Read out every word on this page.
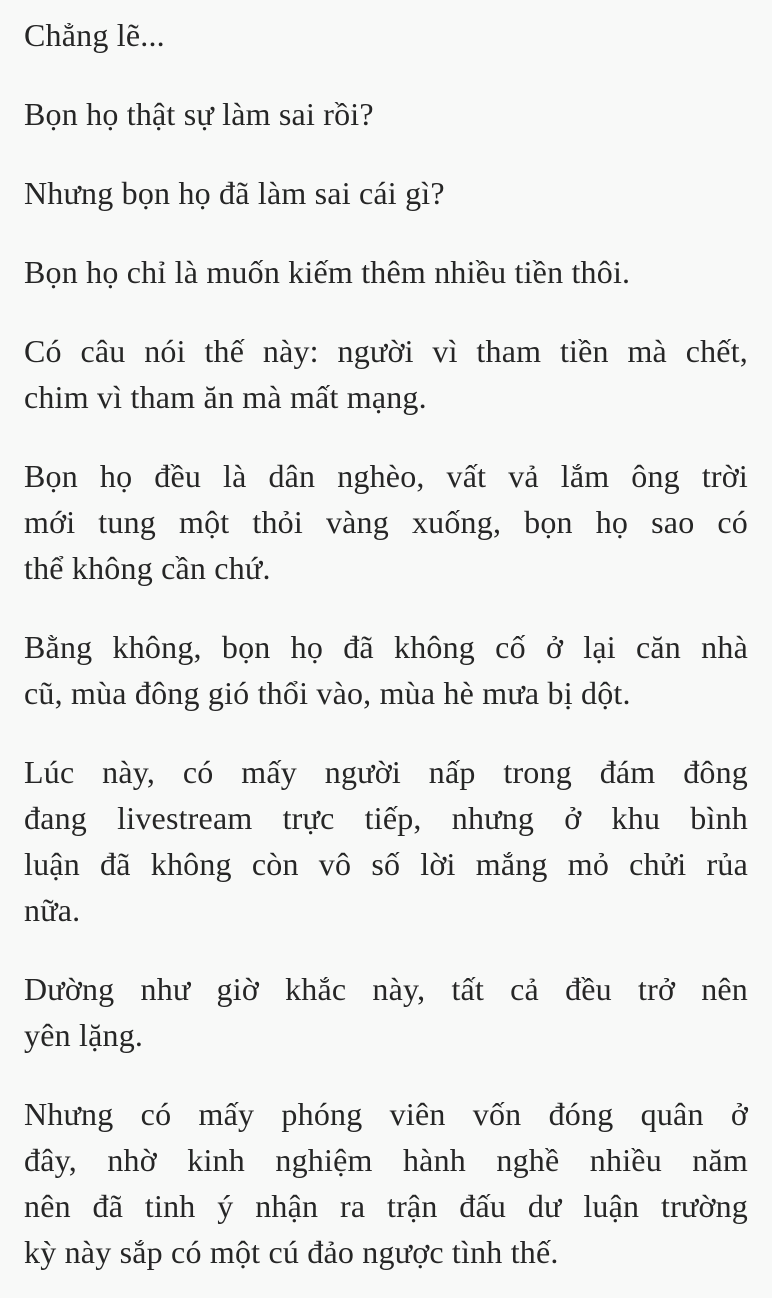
Chẳng lẽ...
Bọn họ thật sự làm sai rồi?
Nhưng bọn họ đã làm sai cái gì?
Bọn họ chỉ là muốn kiếm thêm nhiều tiền thôi.
Có câu nói thế này: người vì tham tiền mà chết,
chim vì tham ăn mà mất mạng.
Bọn họ đều là dân nghèo, vất vả lắm ông trời
mới tung một thỏi vàng xuống, bọn họ sao có
thể không cần chứ.
Bằng không, bọn họ đã không cố ở lại căn nhà
cũ, mùa đông gió thổi vào, mùa hè mưa bị dột.
Lúc này, có mấy người nấp trong đám đông
đang livestream trực tiếp, nhưng ở khu bình
luận đã không còn vô số lời mắng mỏ chửi rủa
nữa.
Dường như giờ khắc này, tất cả đều trở nên
yên lặng.
Nhưng có mấy phóng viên vốn đóng quân ở
đây, nhờ kinh nghiệm hành nghề nhiều năm
nên đã tinh ý nhận ra trận đấu dư luận trường
kỳ này sắp có một cú đảo ngược tình thế.
